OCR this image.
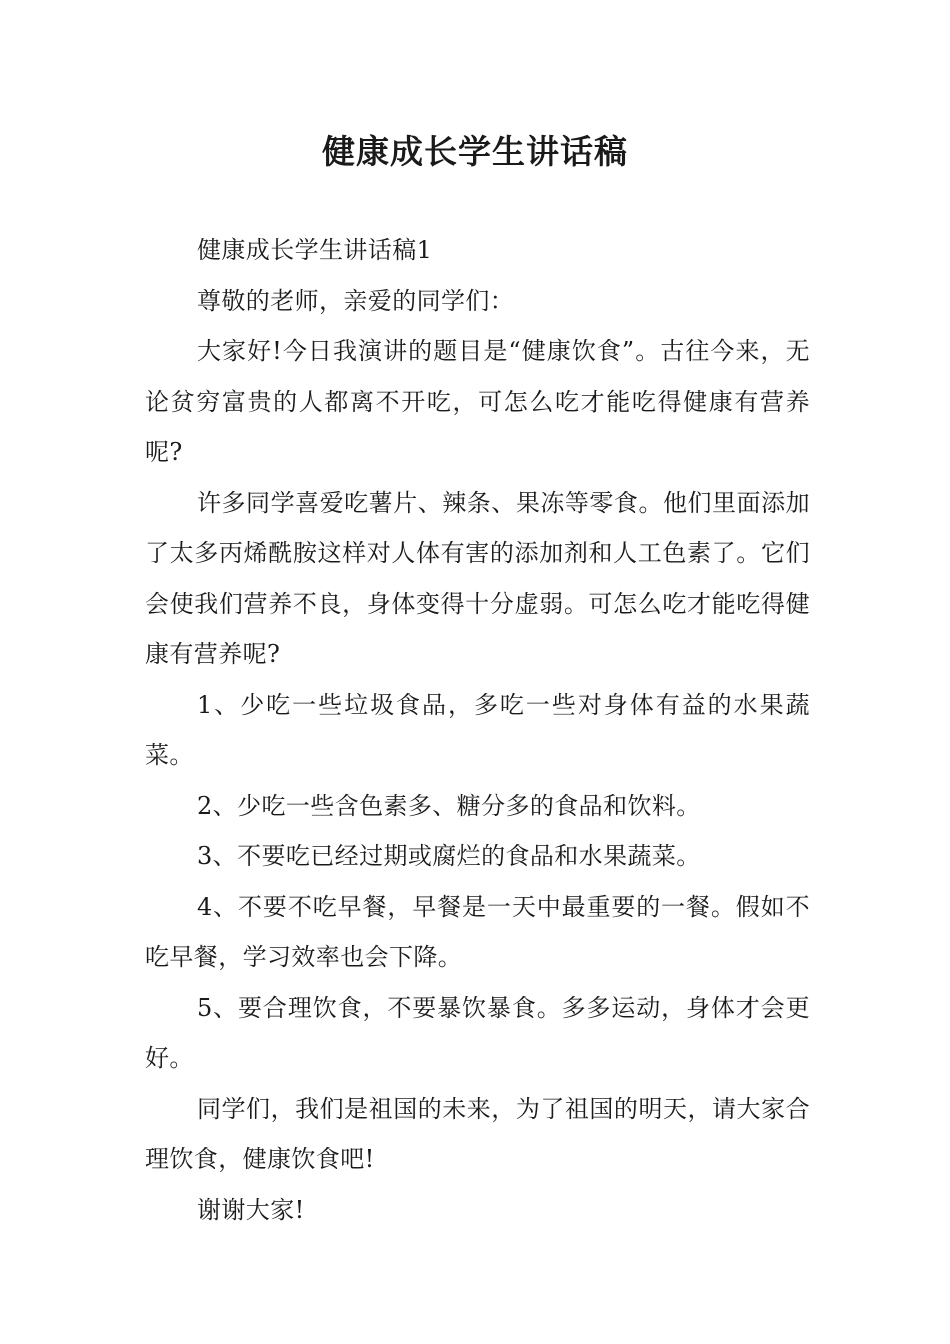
健康成长学生讲话稿

健康成长学生讲话稿1

尊敬的老师，亲爱的同学们：

大家好!今日我演讲的题目是“健康饮食”。古往今来，无论贫穷富贵的人都离不开吃，可怎么吃才能吃得健康有营养呢?

许多同学喜爱吃薯片、辣条、果冻等零食。他们里面添加了太多丙烯酰胺这样对人体有害的添加剂和人工色素了。它们会使我们营养不良，身体变得十分虚弱。可怎么吃才能吃得健康有营养呢?

1、少吃一些垃圾食品，多吃一些对身体有益的水果蔬菜。

2、少吃一些含色素多、糖分多的食品和饮料。

3、不要吃已经过期或腐烂的食品和水果蔬菜。

4、不要不吃早餐，早餐是一天中最重要的一餐。假如不吃早餐，学习效率也会下降。

5、要合理饮食，不要暴饮暴食。多多运动，身体才会更好。

同学们，我们是祖国的未来，为了祖国的明天，请大家合理饮食，健康饮食吧!

谢谢大家!
